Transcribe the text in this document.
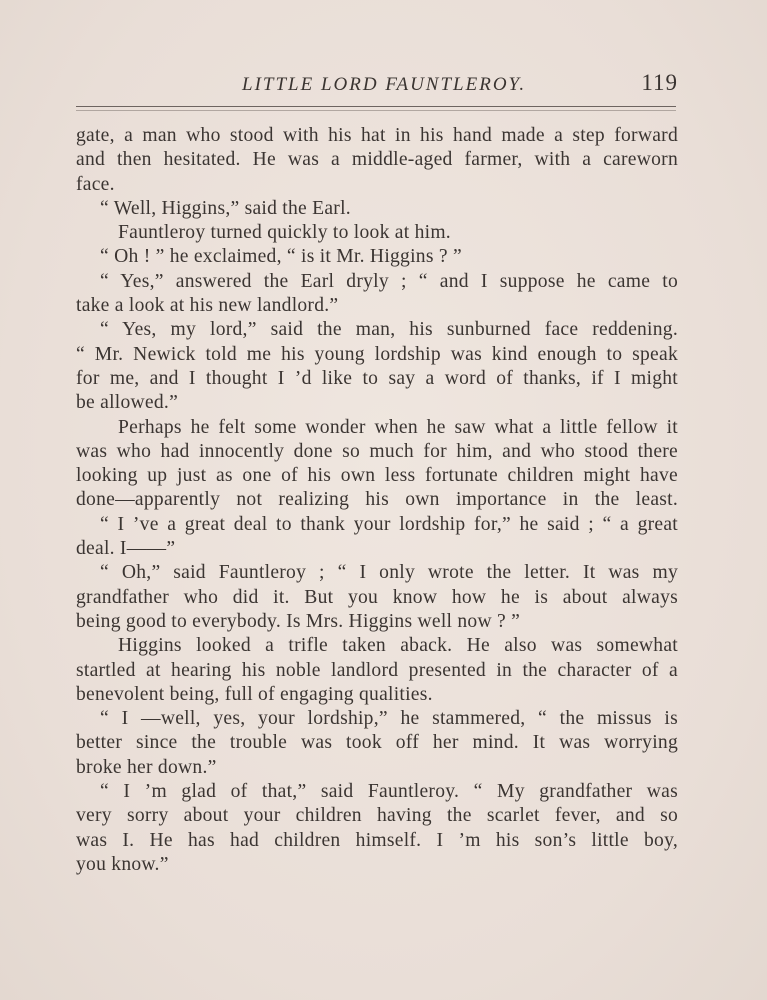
LITTLE LORD FAUNTLEROY.	119
gate, a man who stood with his hat in his hand made a step forward
and then hesitated. He was a middle-aged farmer, with a careworn
face.
“ Well, Higgins,” said the Earl.
Fauntleroy turned quickly to look at him.
“ Oh ! ” he exclaimed, “ is it Mr. Higgins ? ”
“ Yes,” answered the Earl dryly ; “ and I suppose he came to
take a look at his new landlord.”
“ Yes, my lord,” said the man, his sunburned face reddening.
“ Mr. Newick told me his young lordship was kind enough to speak
for me, and I thought I ’d like to say a word of thanks, if I might
be allowed.”
Perhaps he felt some wonder when he saw what a little fellow it
was who had innocently done so much for him, and who stood there
looking up just as one of his own less fortunate children might have
done—apparently not realizing his own importance in the least.
“ I ’ve a great deal to thank your lordship for,” he said ; “ a great
deal. I——”
“ Oh,” said Fauntleroy ; “ I only wrote the letter. It was my
grandfather who did it. But you know how he is about always
being good to everybody. Is Mrs. Higgins well now ? ”
Higgins looked a trifle taken aback. He also was somewhat
startled at hearing his noble landlord presented in the character of a
benevolent being, full of engaging qualities.
“ I —well, yes, your lordship,” he stammered, “ the missus is
better since the trouble was took off her mind. It was worrying
broke her down.”
“ I ’m glad of that,” said Fauntleroy. “ My grandfather was
very sorry about your children having the scarlet fever, and so
was I. He has had children himself. I ’m his son’s little boy,
you know.”
